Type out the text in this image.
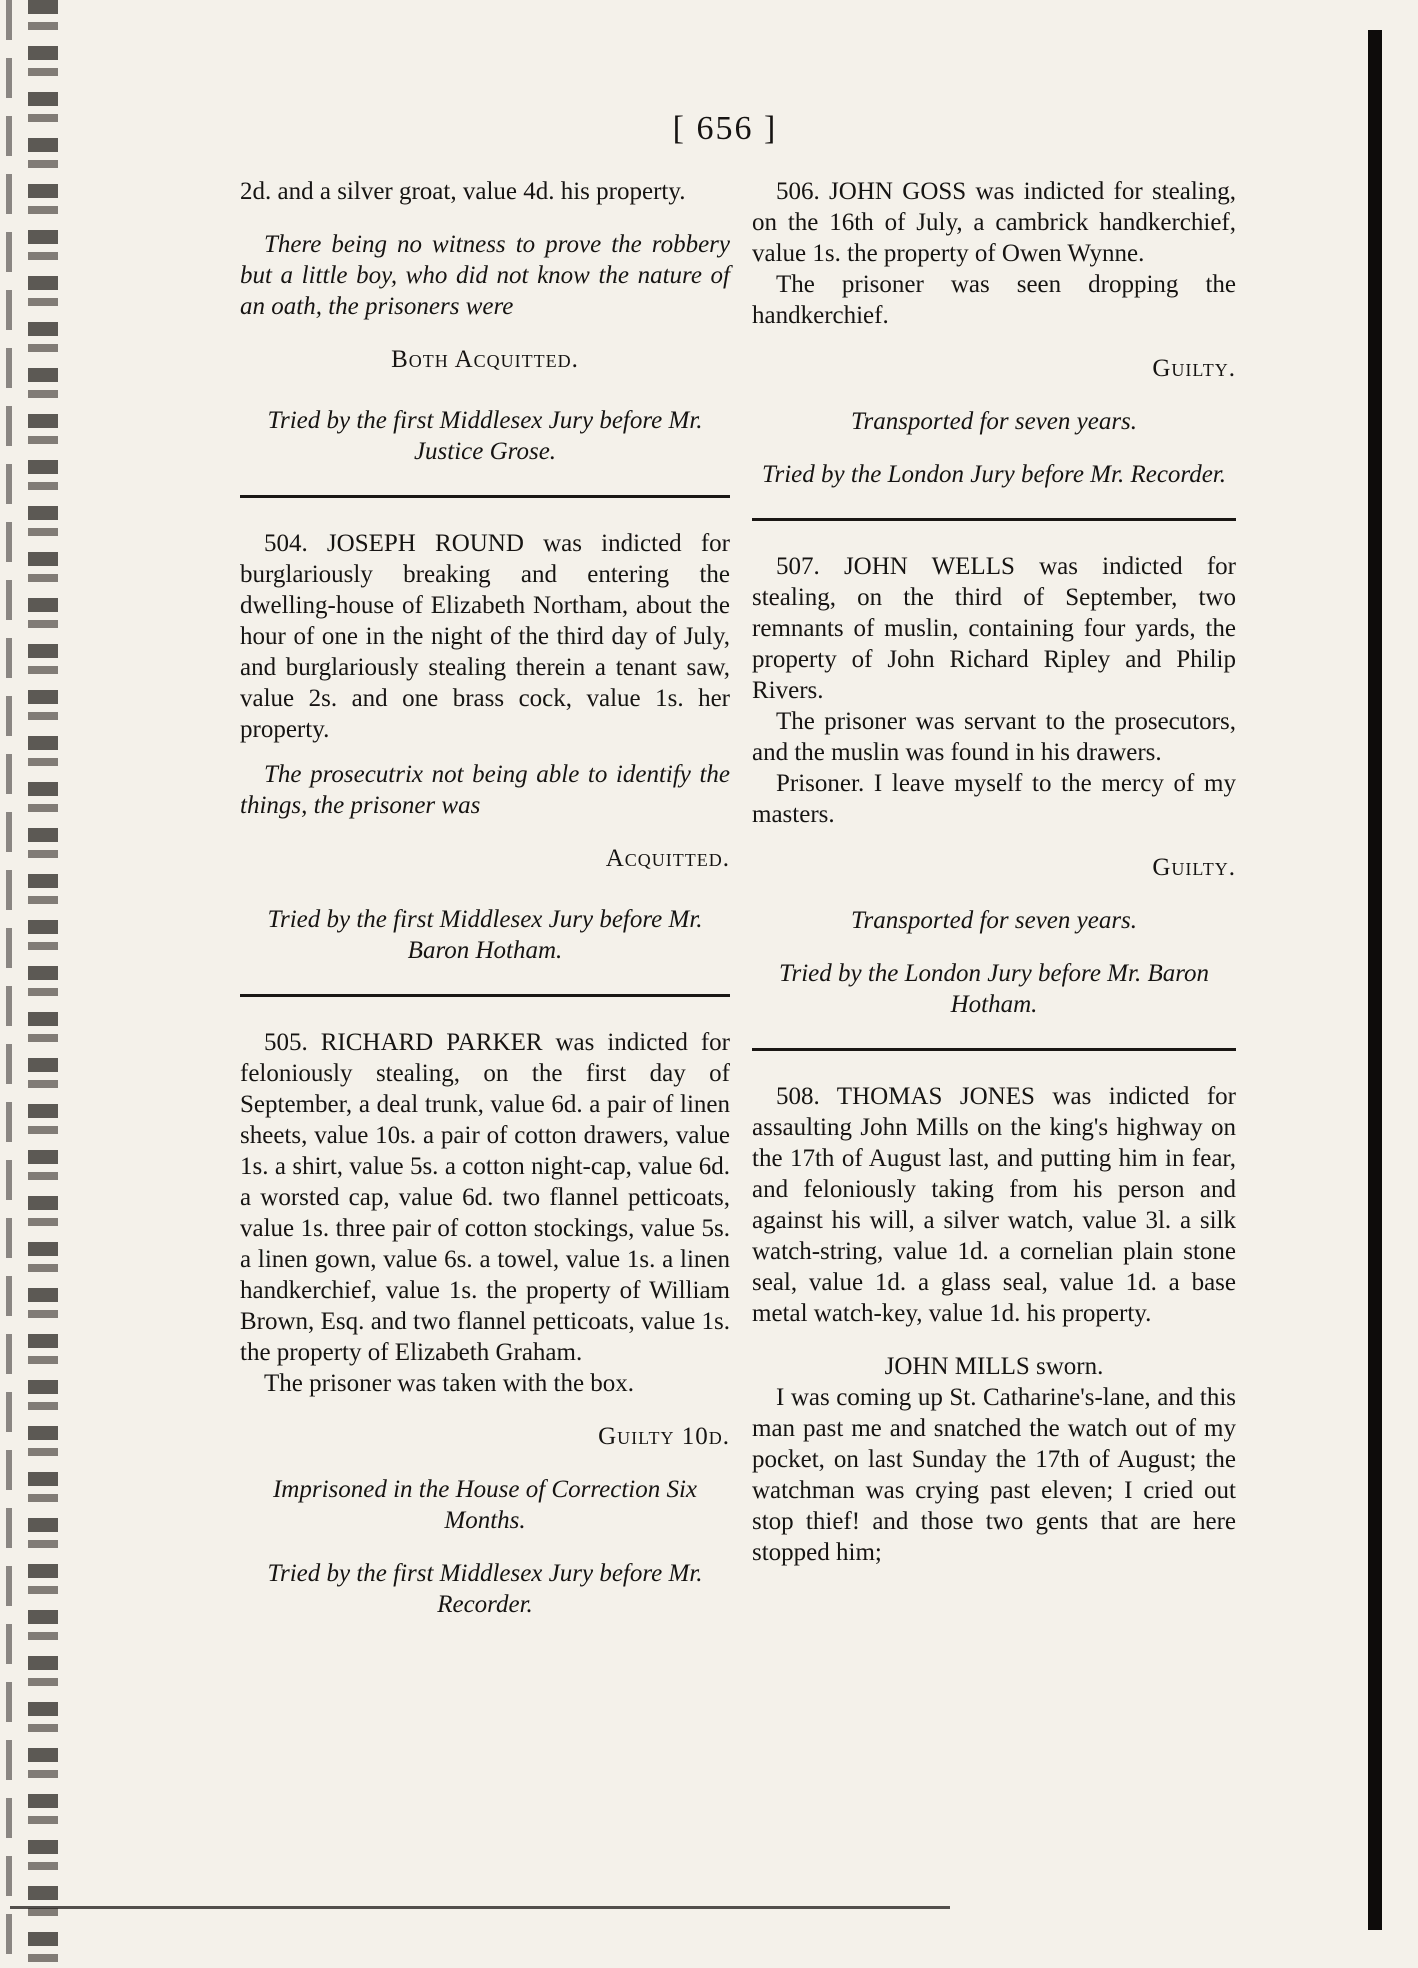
[ 656 ]

2d. and a silver groat, value 4d. his property.

There being no witness to prove the robbery but a little boy, who did not know the nature of an oath, the prisoners were

Both Acquitted.

Tried by the first Middlesex Jury before Mr. Justice Grose.

504. JOSEPH ROUND was indicted for burglariously breaking and entering the dwelling-house of Elizabeth Northam, about the hour of one in the night of the third day of July, and burglariously stealing therein a tenant saw, value 2s. and one brass cock, value 1s. her property.

The prosecutrix not being able to identify the things, the prisoner was

Acquitted.

Tried by the first Middlesex Jury before Mr. Baron Hotham.

505. RICHARD PARKER was indicted for feloniously stealing, on the first day of September, a deal trunk, value 6d. a pair of linen sheets, value 10s. a pair of cotton drawers, value 1s. a shirt, value 5s. a cotton night-cap, value 6d. a worsted cap, value 6d. two flannel petticoats, value 1s. three pair of cotton stockings, value 5s. a linen gown, value 6s. a towel, value 1s. a linen handkerchief, value 1s. the property of William Brown, Esq. and two flannel petticoats, value 1s. the property of Elizabeth Graham.

The prisoner was taken with the box.

Guilty 10d.

Imprisoned in the House of Correction Six Months.

Tried by the first Middlesex Jury before Mr. Recorder.

506. JOHN GOSS was indicted for stealing, on the 16th of July, a cambrick handkerchief, value 1s. the property of Owen Wynne.

The prisoner was seen dropping the handkerchief.

Guilty.

Transported for seven years.

Tried by the London Jury before Mr. Recorder.

507. JOHN WELLS was indicted for stealing, on the third of September, two remnants of muslin, containing four yards, the property of John Richard Ripley and Philip Rivers.

The prisoner was servant to the prosecutors, and the muslin was found in his drawers.

Prisoner. I leave myself to the mercy of my masters.

Guilty.

Transported for seven years.

Tried by the London Jury before Mr. Baron Hotham.

508. THOMAS JONES was indicted for assaulting John Mills on the king's highway on the 17th of August last, and putting him in fear, and feloniously taking from his person and against his will, a silver watch, value 3l. a silk watch-string, value 1d. a cornelian plain stone seal, value 1d. a glass seal, value 1d. a base metal watch-key, value 1d. his property.

JOHN MILLS sworn.

I was coming up St. Catharine's-lane, and this man past me and snatched the watch out of my pocket, on last Sunday the 17th of August; the watchman was crying past eleven; I cried out stop thief! and those two gents that are here stopped him;
